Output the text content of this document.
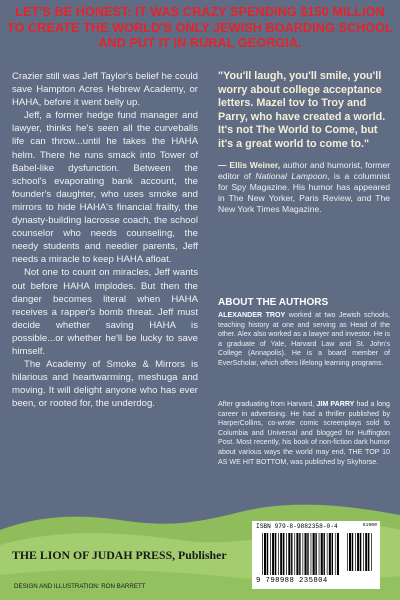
LET'S BE HONEST: IT WAS CRAZY SPENDING $150 MILLION
TO CREATE THE WORLD'S ONLY JEWISH BOARDING SCHOOL
AND PUT IT IN RURAL GEORGIA.

Crazier still was Jeff Taylor's belief he could save Hampton Acres Hebrew Academy, or HAHA, before it went belly up.

Jeff, a former hedge fund manager and lawyer, thinks he's seen all the curveballs life can throw...until he takes the HAHA helm. There he runs smack into Tower of Babel-like dysfunction. Between the school's evaporating bank account, the founder's daughter, who uses smoke and mirrors to hide HAHA's financial frailty, the dynasty-building lacrosse coach, the school counselor who needs counseling, the needy students and needier parents, Jeff needs a miracle to keep HAHA afloat.

Not one to count on miracles, Jeff wants out before HAHA implodes. But then the danger becomes literal when HAHA receives a rapper's bomb threat. Jeff must decide whether saving HAHA is possible...or whether he'll be lucky to save himself.

The Academy of Smoke & Mirrors is hilarious and heartwarming, meshuga and moving. It will delight anyone who has ever been, or rooted for, the underdog.

"You'll laugh, you'll smile, you'll worry about college acceptance letters. Mazel tov to Troy and Parry, who have created a world. It's not The World to Come, but it's a great world to come to."

— Ellis Weiner, author and humorist, former editor of National Lampoon, is a columnist for Spy Magazine. His humor has appeared in The New Yorker, Paris Review, and The New York Times Magazine.

ABOUT THE AUTHORS

ALEXANDER TROY worked at two Jewish schools, teaching history at one and serving as Head of the other. Alex also worked as a lawyer and investor. He is a graduate of Yale, Harvard Law and St. John's College (Annapolis). He is a board member of EverScholar, which offers lifelong learning programs.

After graduating from Harvard, JIM PARRY had a long career in advertising. He had a thriller published by HarperCollins, co-wrote comic screenplays sold to Columbia and Universal and blogged for Huffington Post. Most recently, his book of non-fiction dark humor about various ways the world may end, THE TOP 10 AS WE HIT BOTTOM, was published by Skyhorse.

THE LION OF JUDAH PRESS, Publisher
DESIGN AND ILLUSTRATION: RON BARRETT
ISBN 979-8-9882358-0-4	51900
9 798988 235804
